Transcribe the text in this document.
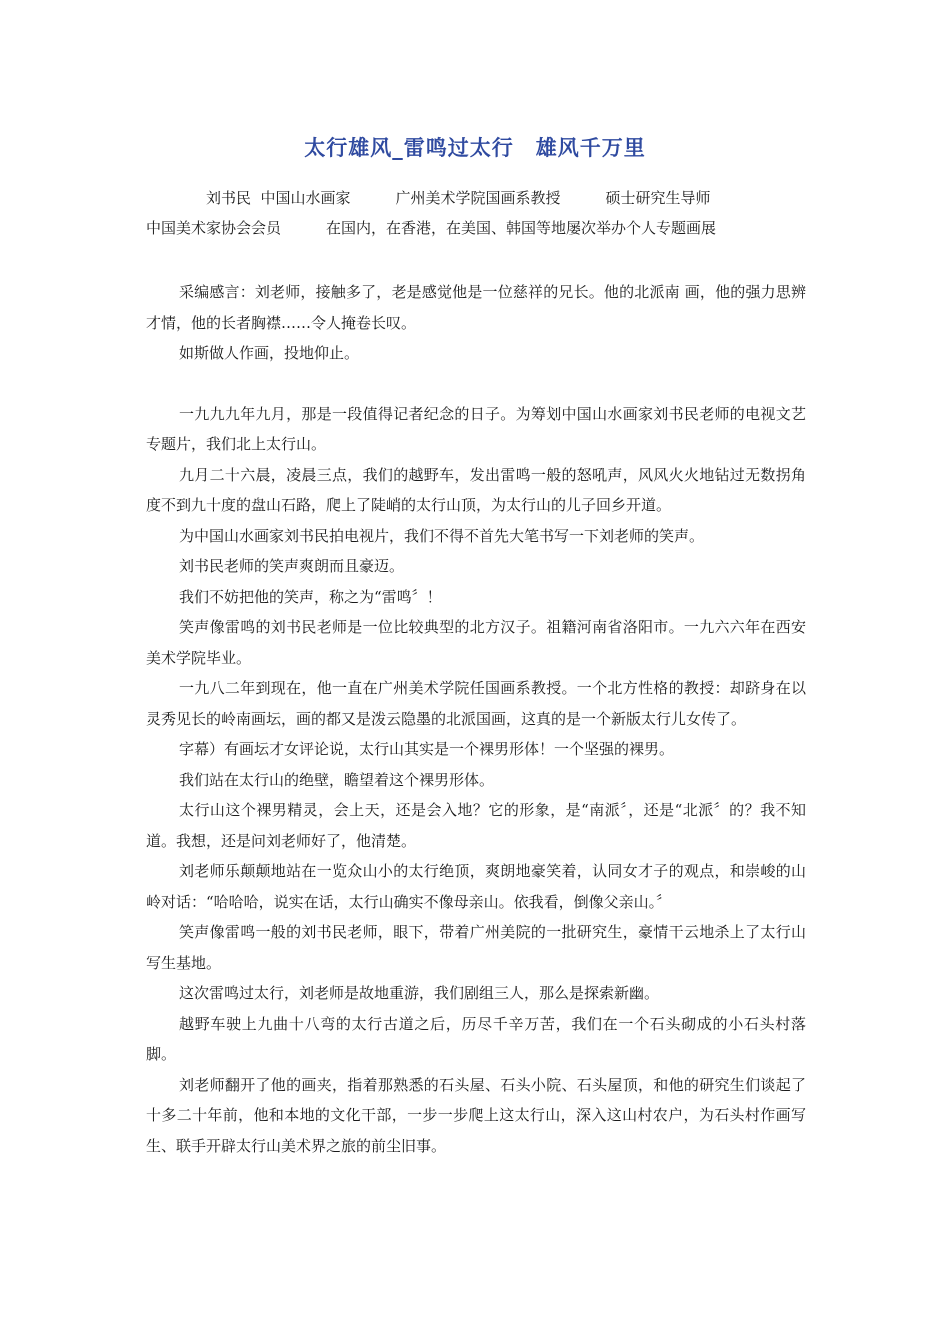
太行雄风_雷鸣过太行　雄风千万里
　　　　刘书民  中国山水画家　　　广州美术学院国画系教授　　　硕士研究生导师
中国美术家协会会员　　　在国内，在香港，在美国、韩国等地屡次举办个人专题画展

采编感言：刘老师，接触多了，老是感觉他是一位慈祥的兄长。他的北派南 画，他的强力思辨才情，他的长者胸襟……令人掩卷长叹。

如斯做人作画，投地仰止。

一九九九年九月，那是一段值得记者纪念的日子。为筹划中国山水画家刘书民老师的电视文艺专题片，我们北上太行山。

九月二十六晨，凌晨三点，我们的越野车，发出雷鸣一般的怒吼声，风风火火地钻过无数拐角度不到九十度的盘山石路，爬上了陡峭的太行山顶，为太行山的儿子回乡开道。

为中国山水画家刘书民拍电视片，我们不得不首先大笔书写一下刘老师的笑声。

刘书民老师的笑声爽朗而且豪迈。

我们不妨把他的笑声，称之为“雷鸣〞！

笑声像雷鸣的刘书民老师是一位比较典型的北方汉子。祖籍河南省洛阳市。一九六六年在西安美术学院毕业。

一九八二年到现在，他一直在广州美术学院任国画系教授。一个北方性格的教授：却跻身在以灵秀见长的岭南画坛，画的都又是泼云隐墨的北派国画，这真的是一个新版太行儿女传了。

字幕）有画坛才女评论说，太行山其实是一个裸男形体！一个坚强的裸男。

我们站在太行山的绝壁，瞻望着这个裸男形体。

太行山这个裸男精灵，会上天，还是会入地？它的形象，是“南派〞，还是“北派〞的？我不知道。我想，还是问刘老师好了，他清楚。

刘老师乐颠颠地站在一览众山小的太行绝顶，爽朗地豪笑着，认同女才子的观点，和崇峻的山岭对话：“哈哈哈，说实在话，太行山确实不像母亲山。依我看，倒像父亲山。〞

笑声像雷鸣一般的刘书民老师，眼下，带着广州美院的一批研究生，豪情干云地杀上了太行山写生基地。

这次雷鸣过太行，刘老师是故地重游，我们剧组三人，那么是探索新幽。

越野车驶上九曲十八弯的太行古道之后，历尽千辛万苦，我们在一个石头砌成的小石头村落脚。

刘老师翻开了他的画夹，指着那熟悉的石头屋、石头小院、石头屋顶，和他的研究生们谈起了十多二十年前，他和本地的文化干部，一步一步爬上这太行山，深入这山村农户，为石头村作画写生、联手开辟太行山美术界之旅的前尘旧事。
